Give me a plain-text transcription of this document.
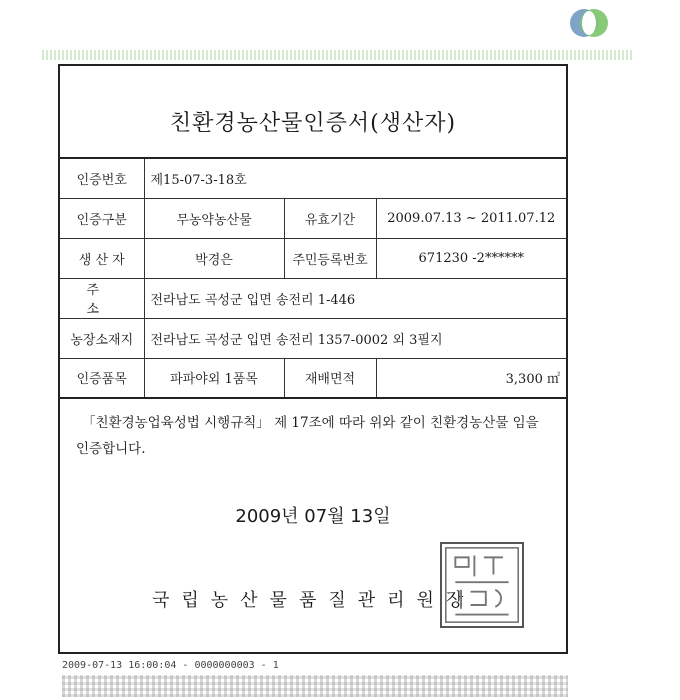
친환경농산물인증서(생산자)
인증번호	제15-07-3-18호		
인증구분	무농약농산물	유효기간	2009.07.13 ~ 2011.07.12
생 산 자	박경은	주민등록번호	671230 -2******
주 소	전라남도 곡성군 입면 송전리 1-446		
농장소재지	전라남도 곡성군 입면 송전리 1357-0002 외 3필지		
인증품목	파파야외 1품목	재배면적	3,300 ㎡
「친환경농업육성법 시행규칙」 제 17조에 따라 위와 같이 친환경농산물 임을 인증합니다.
2009년 07월 13일
국립농산물품질관리원장
2009-07-13 16:00:04 - 0000000003 - 1
